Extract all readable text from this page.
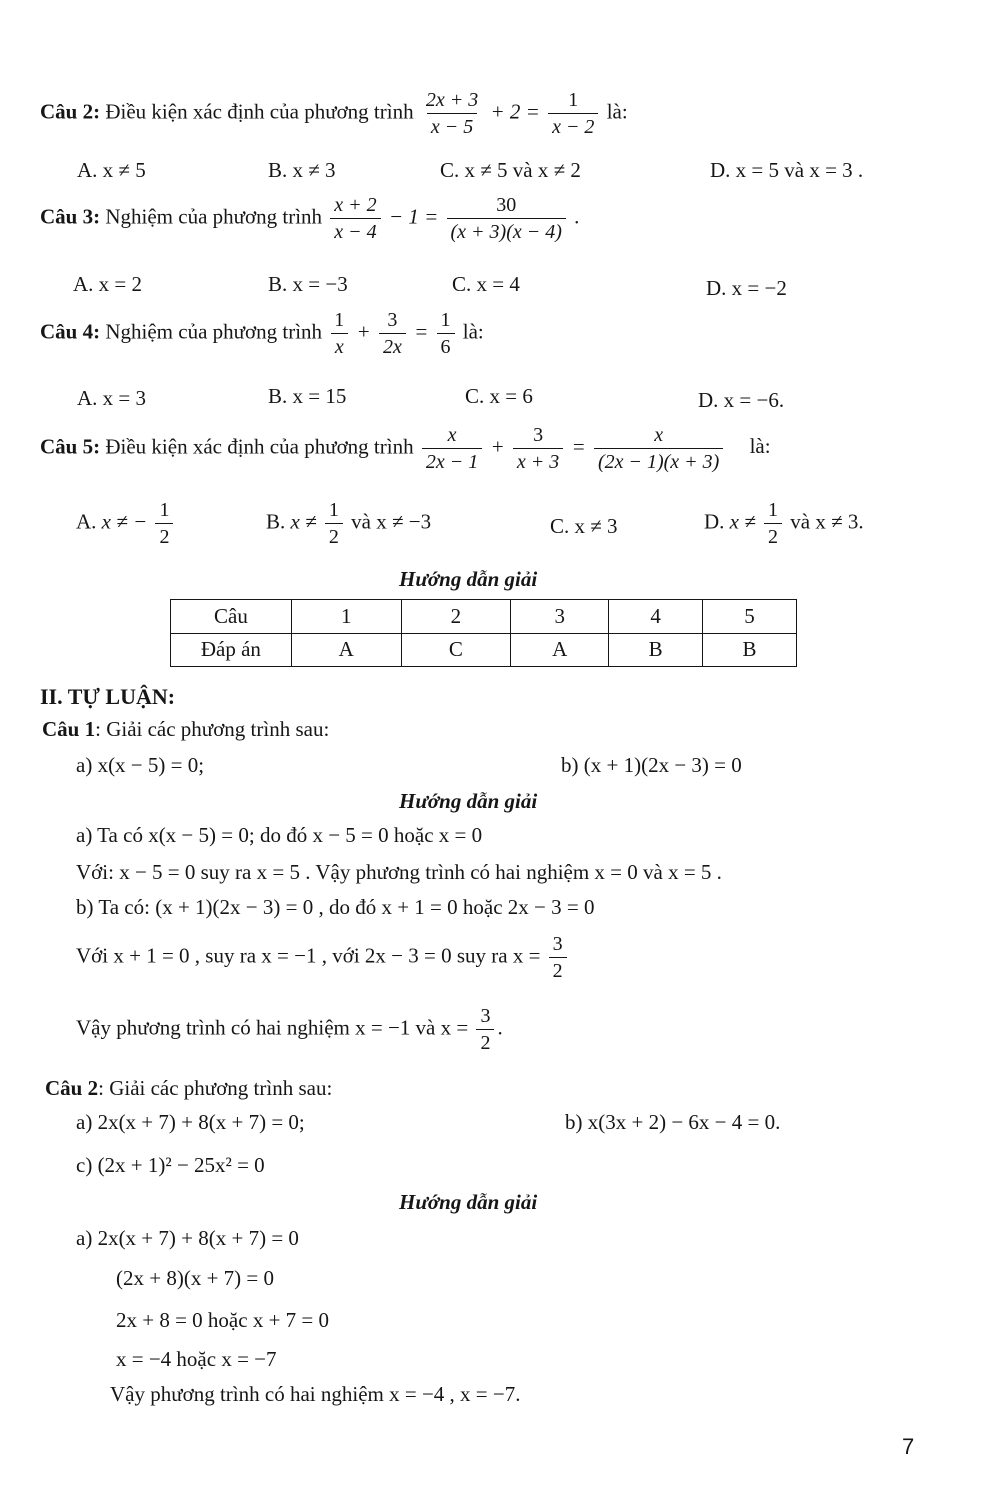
Câu 2: Điều kiện xác định của phương trình $\frac{2x + 3}{x - 5} + 2 = \frac{1}{x - 2}$ là:
A. x ≠ 5	B. x ≠ 3	C. x ≠ 5 và x ≠ 2	D. x = 5 và x = 3 .
Câu 3: Nghiệm của phương trình $\frac{x + 2}{x - 4} - 1 = \frac{30}{(x + 3)(x - 4)}$ .
A. x = 2	B. x = −3	C. x = 4	D. x = −2
Câu 4: Nghiệm của phương trình $\frac{1}{x} + \frac{3}{2x} = \frac{1}{6}$ là:
A. x = 3	B. x = 15	C. x = 6	D. x = −6.
Câu 5: Điều kiện xác định của phương trình $\frac{x}{2x - 1} + \frac{3}{x + 3} = \frac{x}{(2x - 1)(x + 3)}$ là:
A. x ≠ − $\frac{1}{2}$	B. $x \ne \frac{1}{2}$ và x ≠ −3	C. x ≠ 3	D. $x \ne \frac{1}{2}$ và x ≠ 3.
Hướng dẫn giải
Câu	1	2	3	4	5
Đáp án	A	C	A	B	B
II. TỰ LUẬN:
Câu 1: Giải các phương trình sau:
a) x(x − 5) = 0;	b) (x + 1)(2x − 3) = 0
Hướng dẫn giải
a) Ta có x(x − 5) = 0; do đó x − 5 = 0 hoặc x = 0
Với: x − 5 = 0 suy ra x = 5 . Vậy phương trình có hai nghiệm x = 0 và x = 5 .
b) Ta có: (x + 1)(2x − 3) = 0 , do đó x + 1 = 0 hoặc 2x − 3 = 0
Với x + 1 = 0 , suy ra x = −1 , với 2x − 3 = 0 suy ra $x = \frac{3}{2}$
Vậy phương trình có hai nghiệm x = −1 và $x = \frac{3}{2}$ .
Câu 2: Giải các phương trình sau:
a) 2x(x + 7) + 8(x + 7) = 0;	b) x(3x + 2) − 6x − 4 = 0.
c) (2x + 1)² − 25x² = 0
Hướng dẫn giải
a) 2x(x + 7) + 8(x + 7) = 0
(2x + 8)(x + 7) = 0
2x + 8 = 0 hoặc x + 7 = 0
x = −4 hoặc x = −7
Vậy phương trình có hai nghiệm x = −4 , x = −7.
7
